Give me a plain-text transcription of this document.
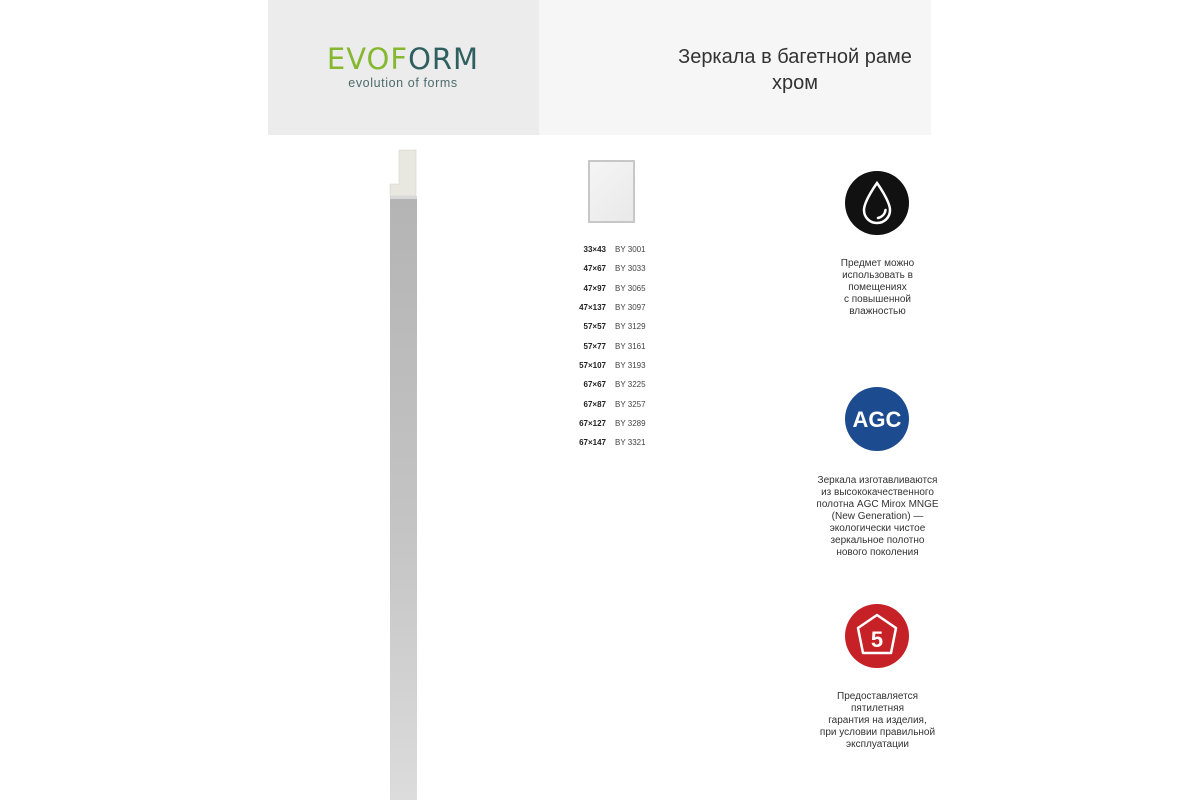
EVOFORM
evolution of forms
Зеркала в багетной раме
хром
33×43 BY 3001
47×67 BY 3033
47×97 BY 3065
47×137 BY 3097
57×57 BY 3129
57×77 BY 3161
57×107 BY 3193
67×67 BY 3225
67×87 BY 3257
67×127 BY 3289
67×147 BY 3321
Предмет можно
использовать в
помещениях
с повышенной
влажностью
AGC
Зеркала изготавливаются
из высококачественного
полотна AGC Mirox MNGE
(New Generation) —
экологически чистое
зеркальное полотно
нового поколения
5
Предоставляется
пятилетняя
гарантия на изделия,
при условии правильной
эксплуатации
